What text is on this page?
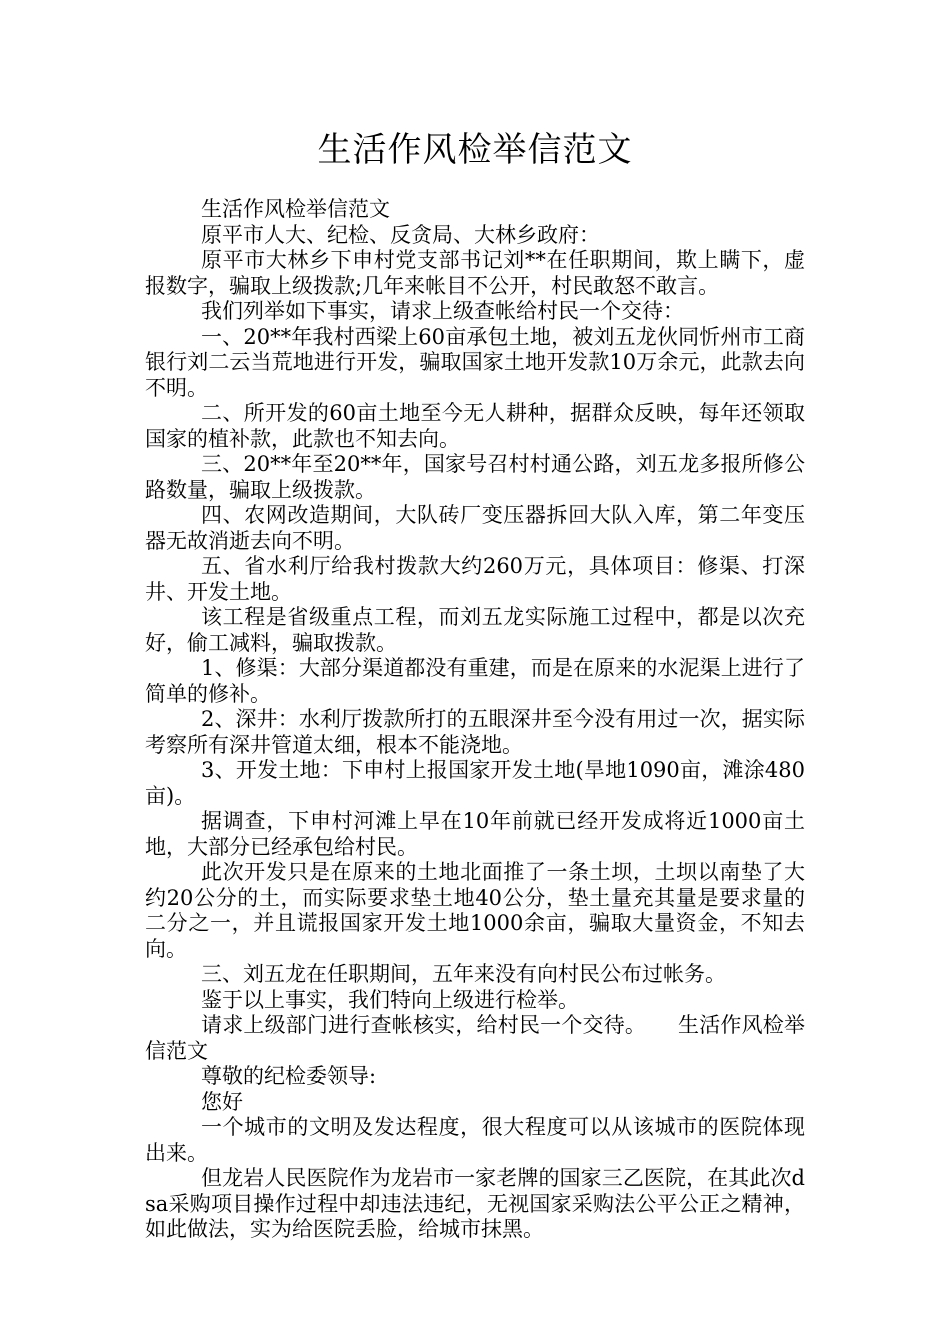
生活作风检举信范文

生活作风检举信范文

原平市人大、纪检、反贪局、大林乡政府：

原平市大林乡下申村党支部书记刘**在任职期间，欺上瞒下，虚报数字，骗取上级拨款;几年来帐目不公开，村民敢怒不敢言。

我们列举如下事实，请求上级查帐给村民一个交待：

一、20**年我村西梁上60亩承包土地，被刘五龙伙同忻州市工商银行刘二云当荒地进行开发，骗取国家土地开发款10万余元，此款去向不明。

二、所开发的60亩土地至今无人耕种，据群众反映，每年还领取国家的植补款，此款也不知去向。

三、20**年至20**年，国家号召村村通公路，刘五龙多报所修公路数量，骗取上级拨款。

四、农网改造期间，大队砖厂变压器拆回大队入库，第二年变压器无故消逝去向不明。

五、省水利厅给我村拨款大约260万元，具体项目：修渠、打深井、开发土地。

该工程是省级重点工程，而刘五龙实际施工过程中，都是以次充好，偷工减料，骗取拨款。

1、修渠：大部分渠道都没有重建，而是在原来的水泥渠上进行了简单的修补。

2、深井：水利厅拨款所打的五眼深井至今没有用过一次，据实际考察所有深井管道太细，根本不能浇地。

3、开发土地：下申村上报国家开发土地(旱地1090亩，滩涂480亩)。

据调查，下申村河滩上早在10年前就已经开发成将近1000亩土地，大部分已经承包给村民。

此次开发只是在原来的土地北面推了一条土坝，土坝以南垫了大约20公分的土，而实际要求垫土地40公分，垫土量充其量是要求量的二分之一，并且谎报国家开发土地1000余亩，骗取大量资金，不知去向。

三、刘五龙在任职期间，五年来没有向村民公布过帐务。

鉴于以上事实，我们特向上级进行检举。

请求上级部门进行查帐核实，给村民一个交待。　　生活作风检举信范文

尊敬的纪检委领导:

您好

一个城市的文明及发达程度，很大程度可以从该城市的医院体现出来。

但龙岩人民医院作为龙岩市一家老牌的国家三乙医院，在其此次dsa采购项目操作过程中却违法违纪，无视国家采购法公平公正之精神，如此做法，实为给医院丢脸，给城市抹黑。
